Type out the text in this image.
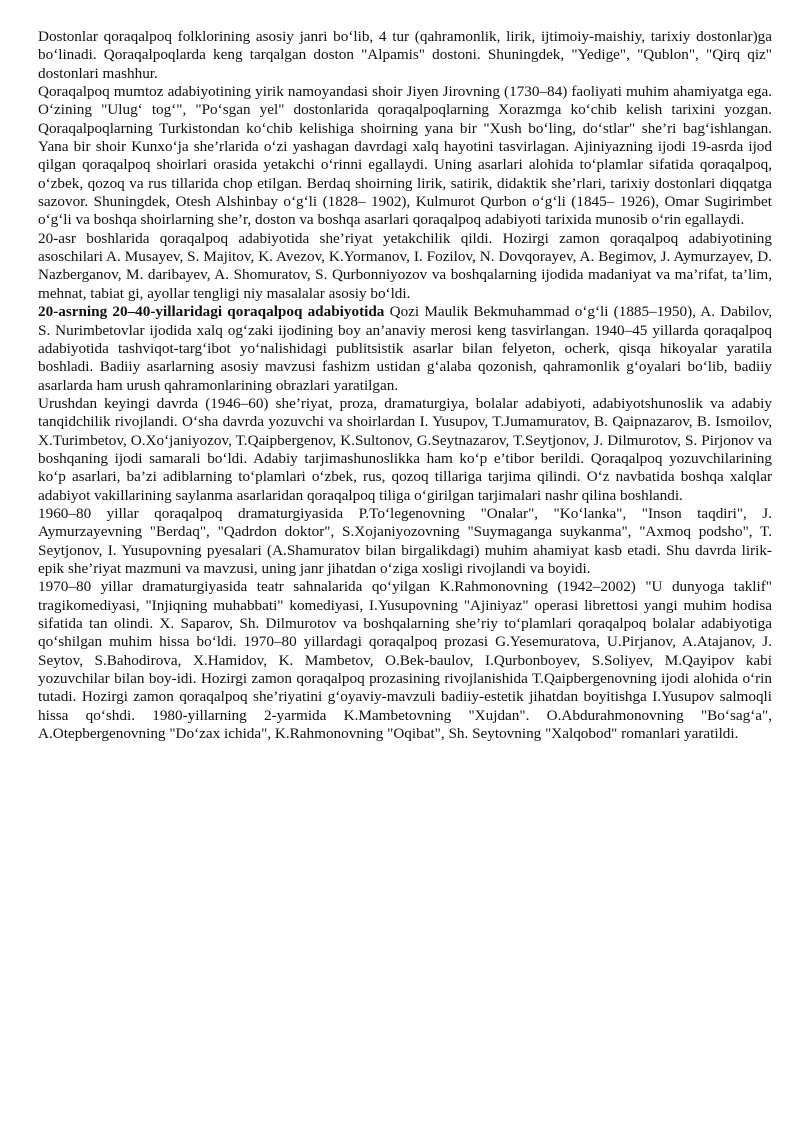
Dostonlar qoraqalpoq folklorining asosiy janri bo‘lib, 4 tur (qahramonlik, lirik, ijtimoiy-maishiy, tarixiy dostonlar)ga bo‘linadi. Qoraqalpoqlarda keng tarqalgan doston "Alpamis" dostoni. Shuningdek, "Yedige", "Qublon", "Qirq qiz" dostonlari mashhur.

Qoraqalpoq mumtoz adabiyotining yirik namoyandasi shoir Jiyen Jirovning (1730–84) faoliyati muhim ahamiyatga ega. O‘zining "Ulug‘ tog‘", "Po‘sgan yel" dostonlarida qoraqalpoqlarning Xorazmga ko‘chib kelish tarixini yozgan. Qoraqalpoqlarning Turkistondan ko‘chib kelishiga shoirning yana bir "Xush bo‘ling, do‘stlar" she’ri bag‘ishlangan. Yana bir shoir Kunxo‘ja she’rlarida o‘zi yashagan davrdagi xalq hayotini tasvirlagan. Ajiniyazning ijodi 19-asrda ijod qilgan qoraqalpoq shoirlari orasida yetakchi o‘rinni egallaydi. Uning asarlari alohida to‘plamlar sifatida qoraqalpoq, o‘zbek, qozoq va rus tillarida chop etilgan. Berdaq shoirning lirik, satirik, didaktik she’rlari, tarixiy dostonlari diqqatga sazovor. Shuningdek, Otesh Alshinbay o‘g‘li (1828– 1902), Kulmurot Qurbon o‘g‘li (1845– 1926), Omar Sugirimbet o‘g‘li va boshqa shoirlarning she’r, doston va boshqa asarlari qoraqalpoq adabiyoti tarixida munosib o‘rin egallaydi.

20-asr boshlarida qoraqalpoq adabiyotida she’riyat yetakchilik qildi. Hozirgi zamon qoraqalpoq adabiyotining asoschilari A. Musayev, S. Majitov, K. Avezov, K.Yormanov, I. Fozilov, N. Dovqorayev, A. Begimov, J. Aymurzayev, D. Nazberganov, M. daribayev, A. Shomuratov, S. Qurbonniyozov va boshqalarning ijodida madaniyat va ma’rifat, ta’lim, mehnat, tabiat gi, ayollar tengligi niy masalalar asosiy bo‘ldi.

20-asrning 20–40-yillaridagi qoraqalpoq adabiyotida Qozi Maulik Bekmuhammad o‘g‘li (1885–1950), A. Dabilov, S. Nurimbetovlar ijodida xalq og‘zaki ijodining boy an’anaviy merosi keng tasvirlangan. 1940–45 yillarda qoraqalpoq adabiyotida tashviqot-targ‘ibot yo‘nalishidagi publitsistik asarlar bilan felyeton, ocherk, qisqa hikoyalar yaratila boshladi. Badiiy asarlarning asosiy mavzusi fashizm ustidan g‘alaba qozonish, qahramonlik g‘oyalari bo‘lib, badiiy asarlarda ham urush qahramonlarining obrazlari yaratilgan.

Urushdan keyingi davrda (1946–60) she’riyat, proza, dramaturgiya, bolalar adabiyoti, adabiyotshunoslik va adabiy tanqidchilik rivojlandi. O‘sha davrda yozuvchi va shoirlardan I. Yusupov, T.Jumamuratov, B. Qaipnazarov, B. Ismoilov, X.Turimbetov, O.Xo‘janiyozov, T.Qaipbergenov, K.Sultonov, G.Seytnazarov, T.Seytjonov, J. Dilmurotov, S. Pirjonov va boshqaning ijodi samarali bo‘ldi. Adabiy tarjimashunoslikka ham ko‘p e’tibor berildi. Qoraqalpoq yozuvchilarining ko‘p asarlari, ba’zi adiblarning to‘plamlari o‘zbek, rus, qozoq tillariga tarjima qilindi. O‘z navbatida boshqa xalqlar adabiyot vakillarining saylanma asarlaridan qoraqalpoq tiliga o‘girilgan tarjimalari nashr qilina boshlandi.

1960–80 yillar qoraqalpoq dramaturgiyasida P.To‘legenovning "Onalar", "Ko‘lanka", "Inson taqdiri", J. Aymurzayevning "Berdaq", "Qadrdon doktor", S.Xojaniyozovning "Suymaganga suykanma", "Axmoq podsho", T. Seytjonov, I. Yusupovning pyesalari (A.Shamuratov bilan birgalikdagi) muhim ahamiyat kasb etadi. Shu davrda lirik-epik she’riyat mazmuni va mavzusi, uning janr jihatdan o‘ziga xosligi rivojlandi va boyidi.

1970–80 yillar dramaturgiyasida teatr sahnalarida qo‘yilgan K.Rahmonovning (1942–2002) "U dunyoga taklif" tragikomediyasi, "Injiqning muhabbati" komediyasi, I.Yusupovning "Ajiniyaz" operasi librettosi yangi muhim hodisa sifatida tan olindi. X. Saparov, Sh. Dilmurotov va boshqalarning she’riy to‘plamlari qoraqalpoq bolalar adabiyotiga qo‘shilgan muhim hissa bo‘ldi. 1970–80 yillardagi qoraqalpoq prozasi G.Yesemuratova, U.Pirjanov, A.Atajanov, J. Seytov, S.Bahodirova, X.Hamidov, K. Mambetov, O.Bek-baulov, I.Qurbonboyev, S.Soliyev, M.Qayipov kabi yozuvchilar bilan boy-idi. Hozirgi zamon qoraqalpoq prozasining rivojlanishida T.Qaipbergenovning ijodi alohida o‘rin tutadi. Hozirgi zamon qoraqalpoq she’riyatini g‘oyaviy-mavzuli badiiy-estetik jihatdan boyitishga I.Yusupov salmoqli hissa qo‘shdi. 1980-yillarning 2-yarmida K.Mambetovning "Xujdan". O.Abdurahmonovning "Bo‘sag‘a", A.Otepbergenovning "Do‘zax ichida", K.Rahmonovning "Oqibat", Sh. Seytovning "Xalqobod" romanlari yaratildi.
